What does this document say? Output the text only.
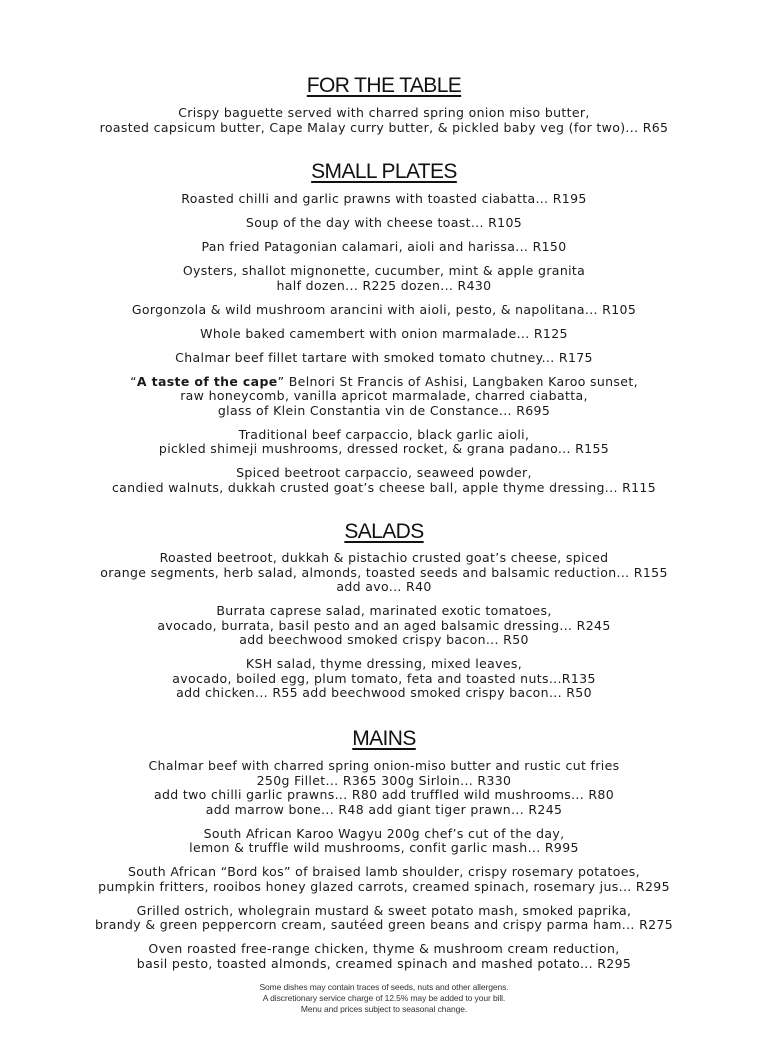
FOR THE TABLE
Crispy baguette served with charred spring onion miso butter,
roasted capsicum butter, Cape Malay curry butter, & pickled baby veg (for two)... R65
SMALL PLATES
Roasted chilli and garlic prawns with toasted ciabatta... R195
Soup of the day with cheese toast... R105
Pan fried Patagonian calamari, aioli and harissa... R150
Oysters, shallot mignonette, cucumber, mint & apple granita
half dozen... R225 dozen... R430
Gorgonzola & wild mushroom arancini with aioli, pesto, & napolitana... R105
Whole baked camembert with onion marmalade... R125
Chalmar beef fillet tartare with smoked tomato chutney... R175
“A taste of the cape” Belnori St Francis of Ashisi, Langbaken Karoo sunset,
raw honeycomb, vanilla apricot marmalade, charred ciabatta,
glass of Klein Constantia vin de Constance... R695
Traditional beef carpaccio, black garlic aioli,
pickled shimeji mushrooms, dressed rocket, & grana padano... R155
Spiced beetroot carpaccio, seaweed powder,
candied walnuts, dukkah crusted goat’s cheese ball, apple thyme dressing... R115
SALADS
Roasted beetroot, dukkah & pistachio crusted goat’s cheese, spiced
orange segments, herb salad, almonds, toasted seeds and balsamic reduction... R155
add avo... R40
Burrata caprese salad, marinated exotic tomatoes,
avocado, burrata, basil pesto and an aged balsamic dressing... R245
add beechwood smoked crispy bacon... R50
KSH salad, thyme dressing, mixed leaves,
avocado, boiled egg, plum tomato, feta and toasted nuts...R135
add chicken... R55 add beechwood smoked crispy bacon... R50
MAINS
Chalmar beef with charred spring onion-miso butter and rustic cut fries
250g Fillet... R365 300g Sirloin... R330
add two chilli garlic prawns... R80 add truffled wild mushrooms... R80
add marrow bone... R48 add giant tiger prawn... R245
South African Karoo Wagyu 200g chef’s cut of the day,
lemon & truffle wild mushrooms, confit garlic mash... R995
South African “Bord kos” of braised lamb shoulder, crispy rosemary potatoes,
pumpkin fritters, rooibos honey glazed carrots, creamed spinach, rosemary jus... R295
Grilled ostrich, wholegrain mustard & sweet potato mash, smoked paprika,
brandy & green peppercorn cream, sautéed green beans and crispy parma ham... R275
Oven roasted free-range chicken, thyme & mushroom cream reduction,
basil pesto, toasted almonds, creamed spinach and mashed potato... R295
Some dishes may contain traces of seeds, nuts and other allergens.
A discretionary service charge of 12.5% may be added to your bill.
Menu and prices subject to seasonal change.
